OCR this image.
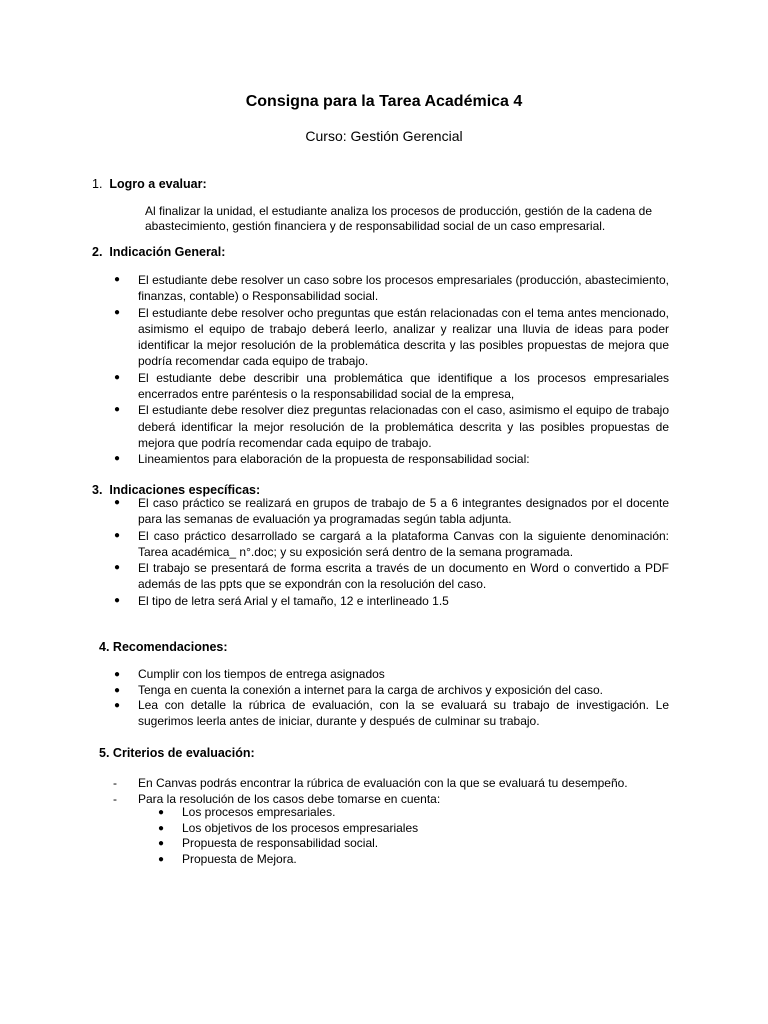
Consigna para la Tarea Académica 4
Curso: Gestión Gerencial
1. Logro a evaluar:
Al finalizar la unidad, el estudiante analiza los procesos de producción, gestión de la cadena de abastecimiento, gestión financiera y de responsabilidad social de un caso empresarial.
2. Indicación General:
● El estudiante debe resolver un caso sobre los procesos empresariales (producción, abastecimiento, finanzas, contable) o Responsabilidad social.
● El estudiante debe resolver ocho preguntas que están relacionadas con el tema antes mencionado, asimismo el equipo de trabajo deberá leerlo, analizar y realizar una lluvia de ideas para poder identificar la mejor resolución de la problemática descrita y las posibles propuestas de mejora que podría recomendar cada equipo de trabajo.
● El estudiante debe describir una problemática que identifique a los procesos empresariales encerrados entre paréntesis o la responsabilidad social de la empresa,
● El estudiante debe resolver diez preguntas relacionadas con el caso, asimismo el equipo de trabajo deberá identificar la mejor resolución de la problemática descrita y las posibles propuestas de mejora que podría recomendar cada equipo de trabajo.
● Lineamientos para elaboración de la propuesta de responsabilidad social:
3. Indicaciones específicas:
● El caso práctico se realizará en grupos de trabajo de 5 a 6 integrantes designados por el docente para las semanas de evaluación ya programadas según tabla adjunta.
● El caso práctico desarrollado se cargará a la plataforma Canvas con la siguiente denominación: Tarea académica_ n°.doc; y su exposición será dentro de la semana programada.
● El trabajo se presentará de forma escrita a través de un documento en Word o convertido a PDF además de las ppts que se expondrán con la resolución del caso.
● El tipo de letra será Arial y el tamaño, 12 e interlineado 1.5
4. Recomendaciones:
● Cumplir con los tiempos de entrega asignados
● Tenga en cuenta la conexión a internet para la carga de archivos y exposición del caso.
● Lea con detalle la rúbrica de evaluación, con la se evaluará su trabajo de investigación. Le sugerimos leerla antes de iniciar, durante y después de culminar su trabajo.
5. Criterios de evaluación:
- En Canvas podrás encontrar la rúbrica de evaluación con la que se evaluará tu desempeño.
- Para la resolución de los casos debe tomarse en cuenta:
● Los procesos empresariales.
● Los objetivos de los procesos empresariales
● Propuesta de responsabilidad social.
● Propuesta de Mejora.
